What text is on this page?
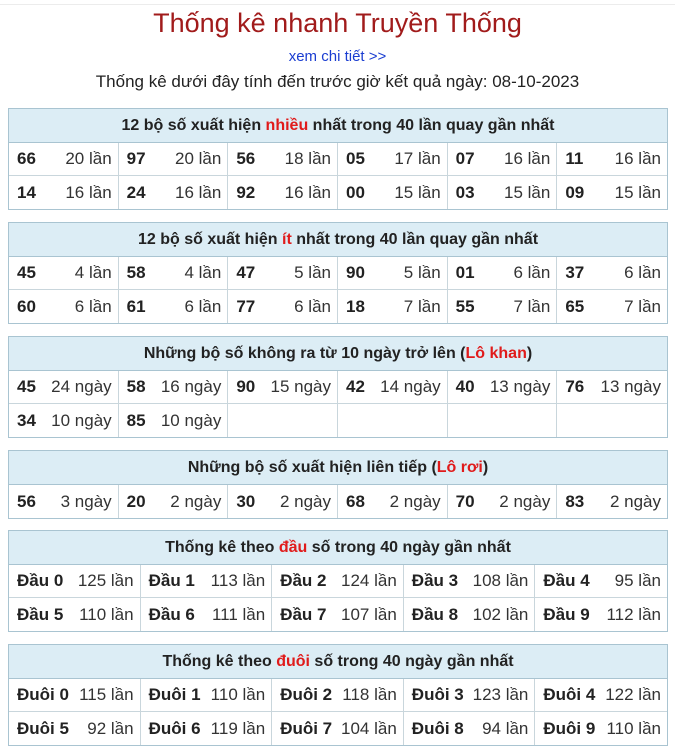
Thống kê nhanh Truyền Thống
xem chi tiết >>
Thống kê dưới đây tính đến trước giờ kết quả ngày: 08-10-2023
12 bộ số xuất hiện nhiều nhất trong 40 lần quay gần nhất
66 20 lần 97 20 lần 56 18 lần 05 17 lần 07 16 lần 11 16 lần
14 16 lần 24 16 lần 92 16 lần 00 15 lần 03 15 lần 09 15 lần
12 bộ số xuất hiện ít nhất trong 40 lần quay gần nhất
45 4 lần 58 4 lần 47 5 lần 90 5 lần 01 6 lần 37 6 lần
60 6 lần 61 6 lần 77 6 lần 18 7 lần 55 7 lần 65 7 lần
Những bộ số không ra từ 10 ngày trở lên (Lô khan)
45 24 ngày 58 16 ngày 90 15 ngày 42 14 ngày 40 13 ngày 76 13 ngày
34 10 ngày 85 10 ngày
Những bộ số xuất hiện liên tiếp (Lô rơi)
56 3 ngày 20 2 ngày 30 2 ngày 68 2 ngày 70 2 ngày 83 2 ngày
Thống kê theo đầu số trong 40 ngày gần nhất
Đầu 0 125 lần Đầu 1 113 lần Đầu 2 124 lần Đầu 3 108 lần Đầu 4 95 lần
Đầu 5 110 lần Đầu 6 111 lần Đầu 7 107 lần Đầu 8 102 lần Đầu 9 112 lần
Thống kê theo đuôi số trong 40 ngày gần nhất
Đuôi 0 115 lần Đuôi 1 110 lần Đuôi 2 118 lần Đuôi 3 123 lần Đuôi 4 122 lần
Đuôi 5 92 lần Đuôi 6 119 lần Đuôi 7 104 lần Đuôi 8 94 lần Đuôi 9 110 lần
